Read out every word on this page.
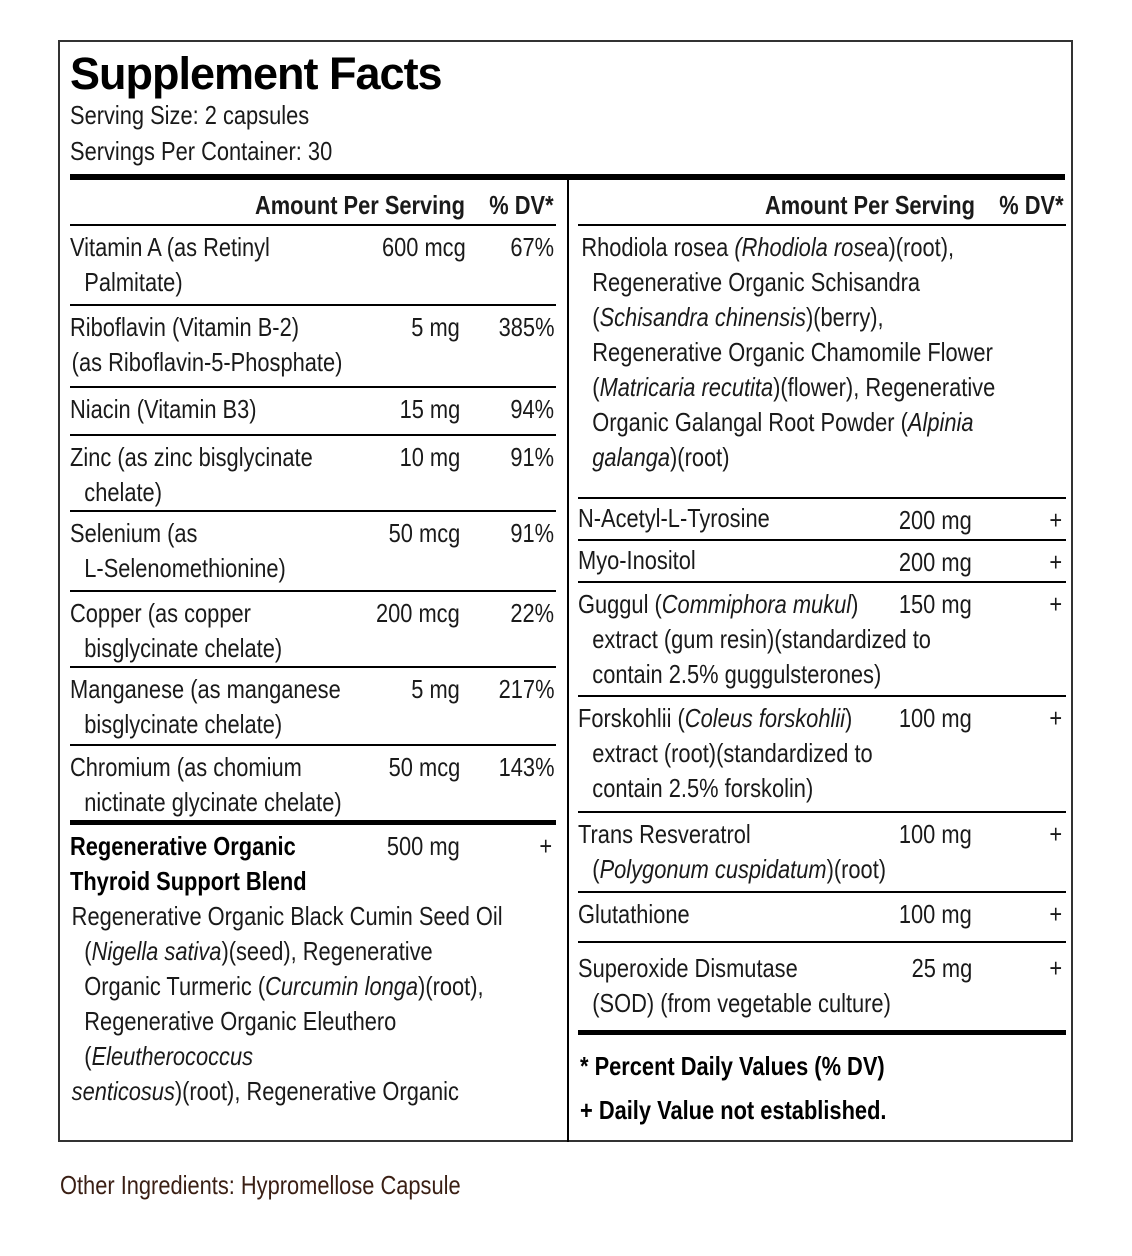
Supplement Facts
Serving Size: 2 capsules
Servings Per Container: 30
Amount Per Serving % DV*
Vitamin A (as Retinyl
Palmitate)
600 mcg 67%
Riboflavin (Vitamin B-2)
(as Riboflavin-5-Phosphate)
5 mg 385%
Niacin (Vitamin B3)	15 mg 94%
Zinc (as zinc bisglycinate
chelate)
10 mg 91%
Selenium (as
L-Selenomethionine)
50 mcg 91%
Copper (as copper
bisglycinate chelate)
200 mcg 22%
Manganese (as manganese
bisglycinate chelate)
5 mg 217%
Chromium (as chomium
nictinate glycinate chelate)
50 mcg 143%
Regenerative Organic
Thyroid Support Blend
500 mg	+
Regenerative Organic Black Cumin Seed Oil
(Nigella sativa)(seed), Regenerative
Organic Turmeric (Curcumin longa)(root),
Regenerative Organic Eleuthero
(Eleutherococcus
senticosus)(root), Regenerative Organic
Amount Per Serving % DV*
Rhodiola rosea (Rhodiola rosea)(root),
Regenerative Organic Schisandra
(Schisandra chinensis)(berry),
Regenerative Organic Chamomile Flower
(Matricaria recutita)(flower), Regenerative
Organic Galangal Root Powder (Alpinia
galanga)(root)
N-Acetyl-L-Tyrosine	200 mg	+
Myo-Inositol	200 mg	+
Guggul (Commiphora mukul)
extract (gum resin)(standardized to
contain 2.5% guggulsterones)
150 mg	+
Forskohlii (Coleus forskohlii)
extract (root)(standardized to
contain 2.5% forskolin)
100 mg	+
Trans Resveratrol
(Polygonum cuspidatum)(root)
100 mg	+
Glutathione	100 mg	+
Superoxide Dismutase
(SOD) (from vegetable culture)
25 mg	+
* Percent Daily Values (% DV)
+ Daily Value not established.
Other Ingredients: Hypromellose Capsule
